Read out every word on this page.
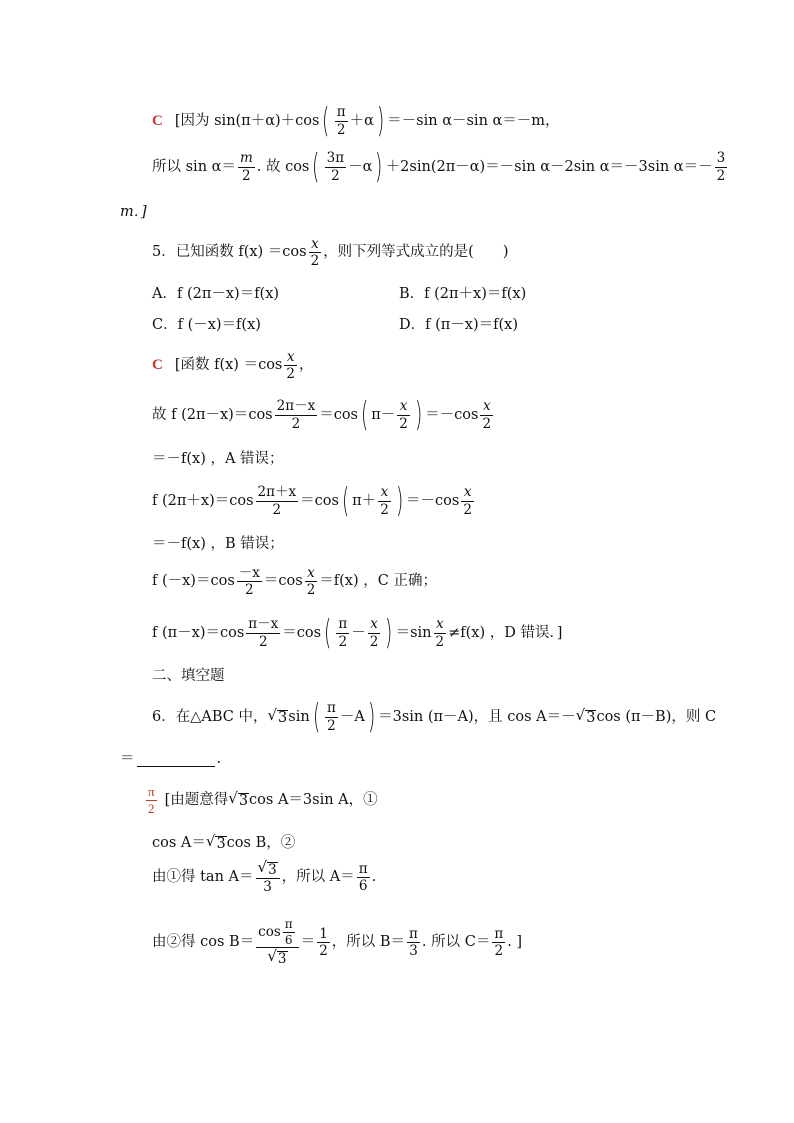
C [因为 sin(π＋α)＋cos ( $\frac{\pi}{2} +\alpha$ ) ＝－sin α－sin α＝－m，
所以 $\sin \alpha= \frac{m}{2}$ . 故 cos ( $\frac{3\pi}{2} -\alpha$ ) ＋2sin(2π－α)＝－sin α－2sin α＝－3sin $\alpha=- \frac{3}{2}$
m．]
5．已知函数 $f(x) =\cos \frac{x}{2}$ ，则下列等式成立的是(　　)
A．f (2π－x)＝f(x)	B．f (2π＋x)＝f(x)
C．f (－x)＝f(x)	D．f (π－x)＝f(x)
C [函数 $f(x) =\cos \frac{x}{2}$ ，
故 f $(2\pi-x)=\cos \frac{2\pi-x}{2} =\cos$ ( $\pi- \frac{x}{2}$ ) $=-\cos \frac{x}{2}$
＝－f(x) ，A 错误；
f $(2\pi+x)=\cos \frac{2\pi+x}{2} =\cos$ ( $\pi+ \frac{x}{2}$ ) $=-\cos \frac{x}{2}$
＝－f(x) ，B 错误；
f $(-x)=\cos \frac{-x}{2} =\cos \frac{x}{2} =f(x)$ ，C 正确；
f $(\pi-x)=\cos \frac{\pi-x}{2} =\cos$ ( $\frac{\pi}{2} - \frac{x}{2}$ ) $=\sin \frac{x}{2} \ne f(x)$ ，D 错误．]
二、填空题
6．在△ABC 中， √ 3 sin ( $\frac{\pi}{2} -A$ ) ＝3sin (π－A)，且 cos A＝－ √ 3 cos (π－B)，则 C
＝	.
$\frac{\pi}{2}$ [由题意得 √ 3 cos A＝3sin A，①
cos A＝ √ 3 cos B，②
由①得 $\tan A= \frac{√ 3}{3}$ ，所以 $A= \frac{\pi}{6}$ .
由②得 $\cos B= \frac{\cos \frac{\pi}{6}}{√ 3} = \frac{1}{2}$ ，所以 $B= \frac{\pi}{3}$ . 所以 $C= \frac{\pi}{2}$ . ]
